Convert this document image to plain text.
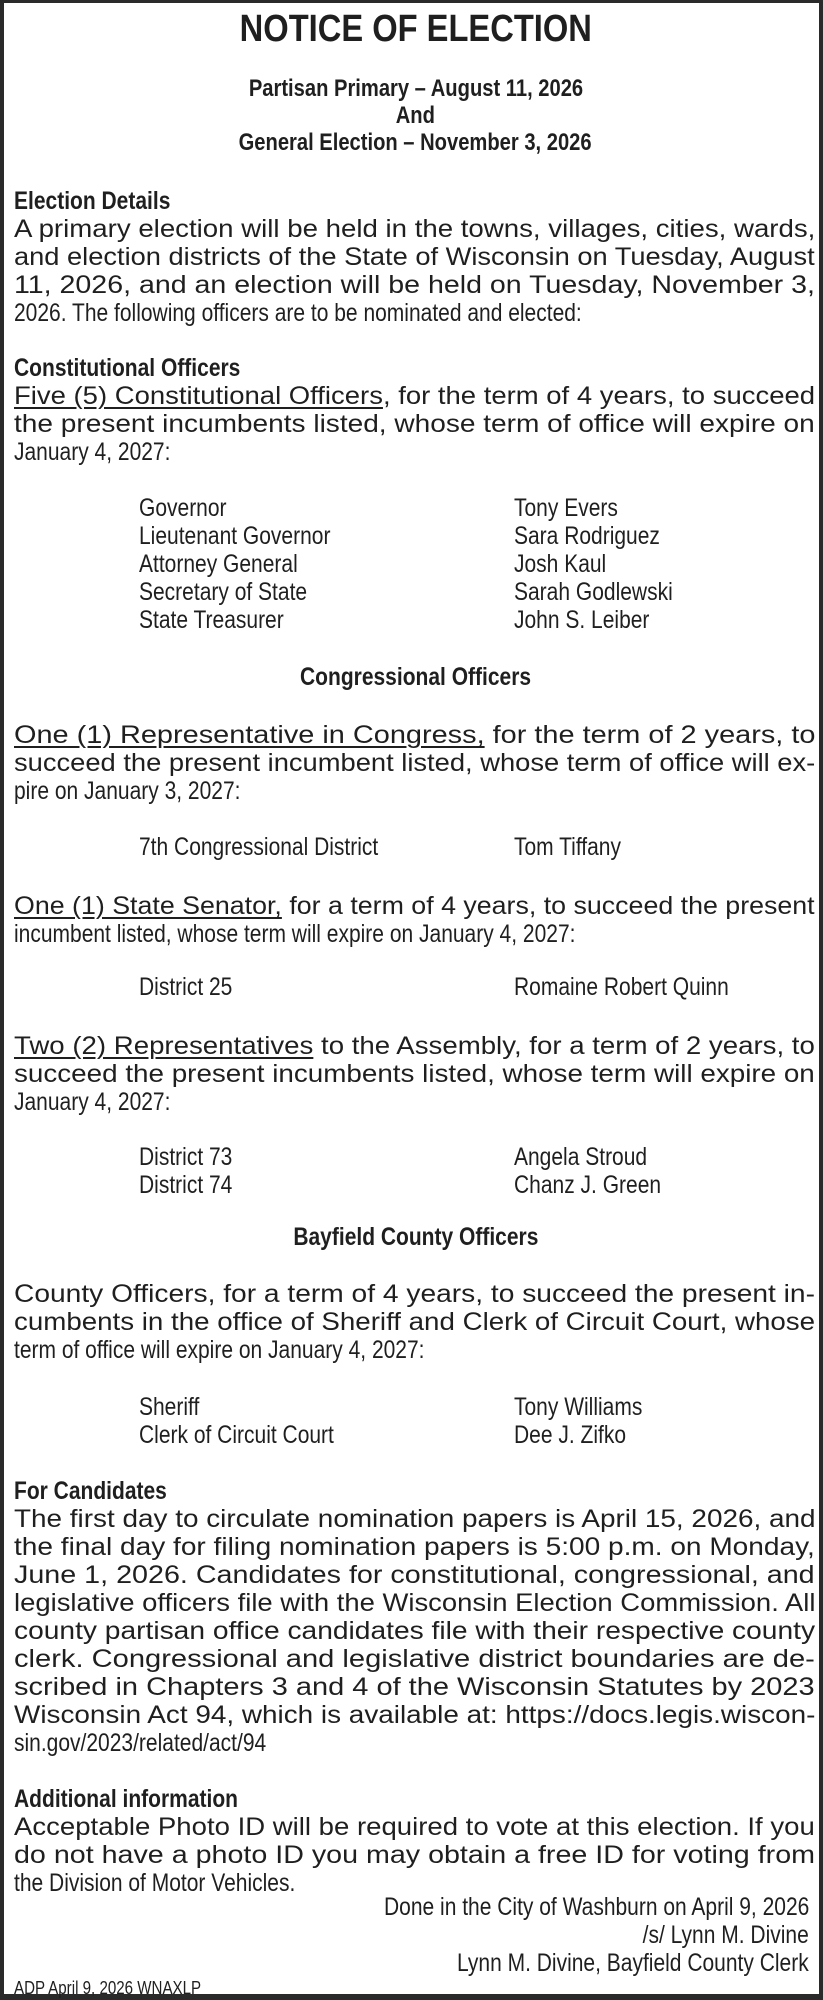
NOTICE OF ELECTION
Partisan Primary – August 11, 2026
And
General Election – November 3, 2026
Election Details
A primary election will be held in the towns, villages, cities, wards,
and election districts of the State of Wisconsin on Tuesday, August
11, 2026, and an election will be held on Tuesday, November 3,
2026. The following officers are to be nominated and elected:
Constitutional Officers
Five (5) Constitutional Officers, for the term of 4 years, to succeed
the present incumbents listed, whose term of office will expire on
January 4, 2027:
Governor	Tony Evers
Lieutenant Governor	Sara Rodriguez
Attorney General	Josh Kaul
Secretary of State	Sarah Godlewski
State Treasurer	John S. Leiber
Congressional Officers
One (1) Representative in Congress, for the term of 2 years, to
succeed the present incumbent listed, whose term of office will ex-
pire on January 3, 2027:
7th Congressional District	Tom Tiffany
One (1) State Senator, for a term of 4 years, to succeed the present
incumbent listed, whose term will expire on January 4, 2027:
District 25	Romaine Robert Quinn
Two (2) Representatives to the Assembly, for a term of 2 years, to
succeed the present incumbents listed, whose term will expire on
January 4, 2027:
District 73	Angela Stroud
District 74	Chanz J. Green
Bayfield County Officers
County Officers, for a term of 4 years, to succeed the present in-
cumbents in the office of Sheriff and Clerk of Circuit Court, whose
term of office will expire on January 4, 2027:
Sheriff	Tony Williams
Clerk of Circuit Court	Dee J. Zifko
For Candidates
The first day to circulate nomination papers is April 15, 2026, and
the final day for filing nomination papers is 5:00 p.m. on Monday,
June 1, 2026. Candidates for constitutional, congressional, and
legislative officers file with the Wisconsin Election Commission. All
county partisan office candidates file with their respective county
clerk. Congressional and legislative district boundaries are de-
scribed in Chapters 3 and 4 of the Wisconsin Statutes by 2023
Wisconsin Act 94, which is available at: https://docs.legis.wiscon-
sin.gov/2023/related/act/94
Additional information
Acceptable Photo ID will be required to vote at this election. If you
do not have a photo ID you may obtain a free ID for voting from
the Division of Motor Vehicles.
Done in the City of Washburn on April 9, 2026
/s/ Lynn M. Divine
Lynn M. Divine, Bayfield County Clerk
ADP April 9, 2026 WNAXLP
